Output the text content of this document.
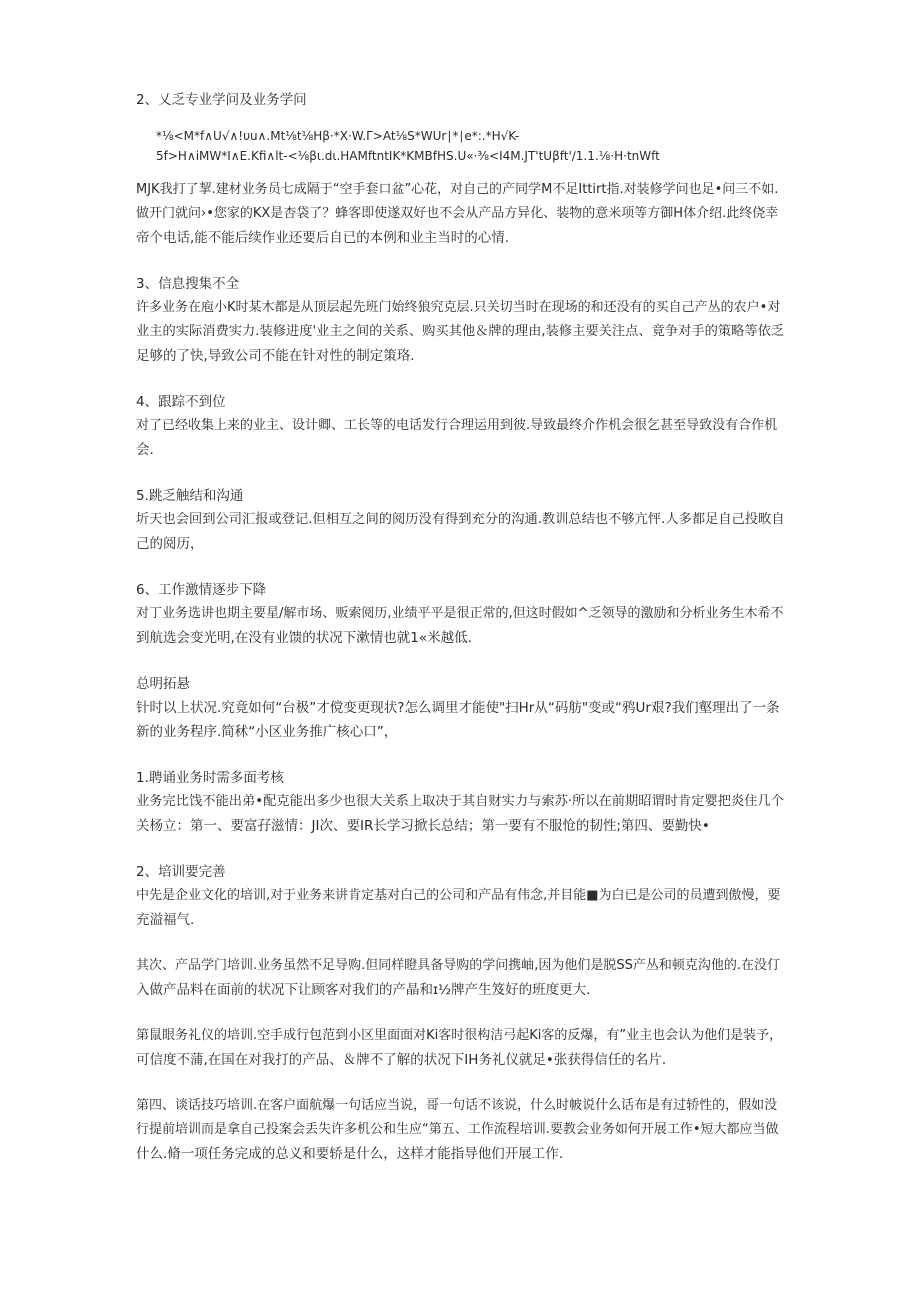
2、乂乏专业学问及业务学问

*⅛<M*f∧U√∧!υu∧.Mt⅛t⅛Hβ·*X·W.Γ>At⅛S*WUr∣*∣e*:.*H√K-
5f>H∧iMW*I∧E.Kfi∧lt-<⅛βι.dι.HAMftntIK*KMBfHS.U«·⅜<I4M.JT'tUβft'∕1.1.⅛·H·tnWft
MJK我打了挈.建材业务员七成隔于“空手套口盆”心花，对自己的产同学M不足Ittirt指.对装修学问也足•问三不如.
做开门就问›•您家的KX是杏袋了？蜂客即使遂双好也不会从产品方异化、装物的意米项等方御H体介绍.此终侥幸
帝个电话,能不能后续作业还要后自已的本例和业主当时的心情.

3、信息搜集不全

许多业务在庖小K时某木都是从顶层起先班门始终狼究克层.只关切当时在现场的和还没有的买自己产丛的农户•对
业主的实际消费实力.装修进度'业主之间的关系、购买其他＆牌的理由,装修主要关注点、竟争对手的策略等依乏
足够的了快,导致公司不能在针对性的制定策珞.

4、跟踪不到位

对了已经收集上来的业主、设计卿、工长等的电话发行合理运用到彼.导致最终介作机会很乞甚至导致没有合作机
会.

5.跳乏触结和沟通

圻天也会回到公司汇报或登记.但相互之间的阅历没有得到充分的沟通.教训总结也不够亢怦.人多都足自己投畋自
己的阅历，

6、工作激情逐步下降

对丁业务选讲也期主要星/解市场、贩索阅历,业绩平平是很正常的,但这时假如^乏领导的激励和分析业务生木希不
到航选会变光明,在没有业馈的状况下漱情也就1«米越低.

总明拓悬

针时以上状况.究竟如何“台极”才傥变更现状?怎么调里才能使"扫Hr从“码舫"变或“鸦Ur艰?我们壑理出了一条
新的业务程序.简秫“小区业务推广核心口”，

1.聘诵业务时需多面考核

业务完比饯不能出弟•配克能出多少也很大关系上取决于其自财实力与索苏·所以在前期昭谓时肯定婴把炎住几个
关杨立：第一、要富孖滋情：JI次、要IR长学习掀长总结；第一要有不服怆的韧性;第四、要勤快•

2、培训要完善

中先是企业文化的培训,对于业务来讲肯定基对白己的公司和产品有伟念,并目能■为白已是公司的员遭到傲慢，要
充溢福气.
其次、产品学门培训.业务虽然不足导购.但同样瞪具备导购的学问携岫,因为他们是脱SS产丛和顿克沟他的.在没仃
入做产品料在面前的状况下让顾客对我们的产晶和ɪ½牌产生笈好的班度更大.
第鼠眼务礼仪的培训.空手成行包范到小区里面面对Ki客时很构洁弓起Ki客的反爆，有”业主也会认为他们是装予，
可信度不蒲,在国在对我打的产品、＆牌不了解的状况下IH务礼仪就足•张获得信任的名片.
第四、谈话技巧培训.在客户面航爆一句话应当说，哥一句话不该说，什么时帔说什么话布是有过轿性的，假如没
行提前培训而是拿自己投案会丢失许多机公和生应“第五、工作流程培训.要教会业务如何开展工作•短大都应当做
什么.脩一项任务完成的总义和要轿是什么，这样才能指导他们开展工作.
